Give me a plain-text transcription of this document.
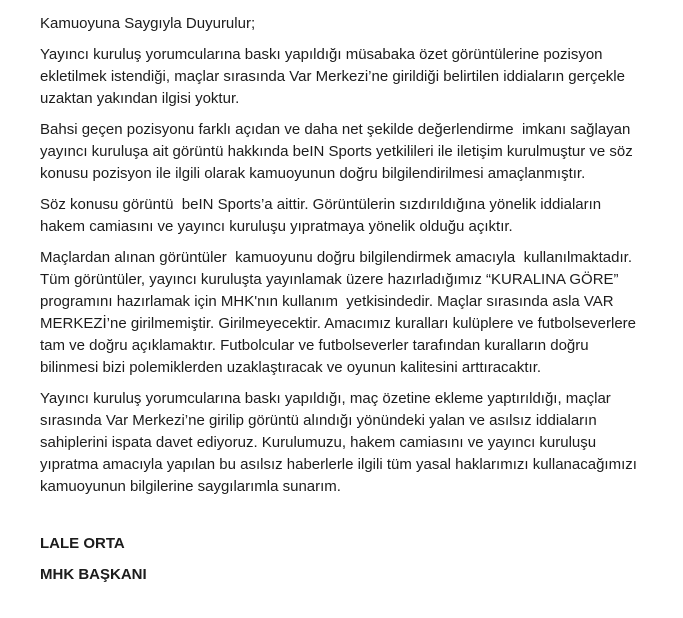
Kamuoyuna Saygıyla Duyurulur;

Yayıncı kuruluş yorumcularına baskı yapıldığı müsabaka özet görüntülerine pozisyon ekletilmek istendiği, maçlar sırasında Var Merkezi’ne girildiği belirtilen iddiaların gerçekle uzaktan yakından ilgisi yoktur.

Bahsi geçen pozisyonu farklı açıdan ve daha net şekilde değerlendirme  imkanı sağlayan yayıncı kuruluşa ait görüntü hakkında beIN Sports yetkilileri ile iletişim kurulmuştur ve söz konusu pozisyon ile ilgili olarak kamuoyunun doğru bilgilendirilmesi amaçlanmıştır.

Söz konusu görüntü  beIN Sports’a aittir. Görüntülerin sızdırıldığına yönelik iddiaların hakem camiasını ve yayıncı kuruluşu yıpratmaya yönelik olduğu açıktır.

Maçlardan alınan görüntüler  kamuoyunu doğru bilgilendirmek amacıyla  kullanılmaktadır. Tüm görüntüler, yayıncı kuruluşta yayınlamak üzere hazırladığımız “KURALINA GÖRE” programını hazırlamak için MHK'nın kullanım  yetkisindedir. Maçlar sırasında asla VAR MERKEZİ’ne girilmemiştir. Girilmeyecektir. Amacımız kuralları kulüplere ve futbolseverlere tam ve doğru açıklamaktır. Futbolcular ve futbolseverler tarafından kuralların doğru bilinmesi bizi polemiklerden uzaklaştıracak ve oyunun kalitesini arttıracaktır.

Yayıncı kuruluş yorumcularına baskı yapıldığı, maç özetine ekleme yaptırıldığı, maçlar sırasında Var Merkezi’ne girilip görüntü alındığı yönündeki yalan ve asılsız iddiaların sahiplerini ispata davet ediyoruz. Kurulumuzu, hakem camiasını ve yayıncı kuruluşu yıpratma amacıyla yapılan bu asılsız haberlerle ilgili tüm yasal haklarımızı kullanacağımızı kamuoyunun bilgilerine saygılarımla sunarım.

LALE ORTA

MHK BAŞKANI
